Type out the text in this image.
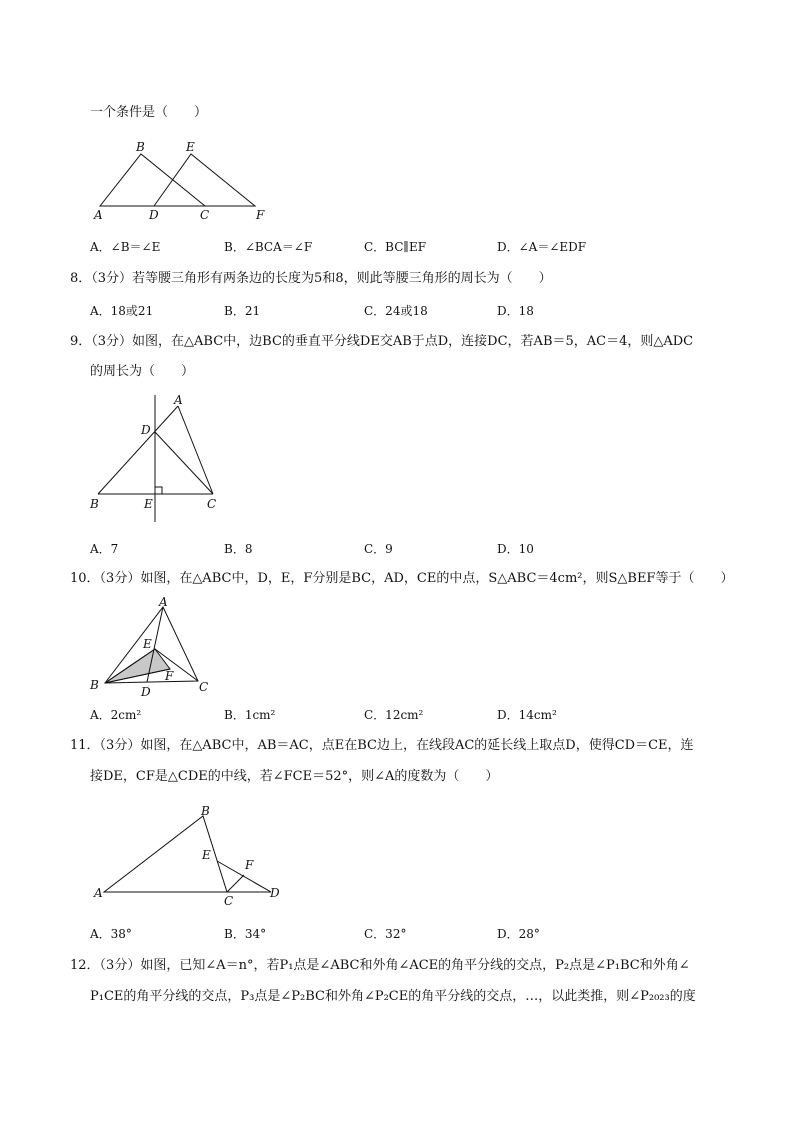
一个条件是（　　）
B	E
A	D	C	F
A．∠B＝∠E	B．∠BCA＝∠F	C．BC∥EF	D．∠A＝∠EDF
8．（3分）若等腰三角形有两条边的长度为5和8，则此等腰三角形的周长为（　　）
A．18或21	B．21	C．24或18	D．18
9．（3分）如图，在△ABC中，边BC的垂直平分线DE交AB于点D，连接DC，若AB＝5，AC＝4，则△ADC
的周长为（　　）
A
D
B	E	C
A．7	B．8	C．9	D．10
10．（3分）如图，在△ABC中，D，E，F分别是BC，AD，CE的中点，S△ABC＝4cm²，则S△BEF等于（　　）
A
E
F
B	D	C
A．2cm²	B．1cm²	C．12cm²	D．14cm²
11．（3分）如图，在△ABC中，AB＝AC，点E在BC边上，在线段AC的延长线上取点D，使得CD＝CE，连
接DE，CF是△CDE的中线，若∠FCE＝52°，则∠A的度数为（　　）
B
E
F
A
C
D
A．38°	B．34°	C．32°	D．28°
12．（3分）如图，已知∠A＝n°，若P₁点是∠ABC和外角∠ACE的角平分线的交点，P₂点是∠P₁BC和外角∠
P₁CE的角平分线的交点，P₃点是∠P₂BC和外角∠P₂CE的角平分线的交点，…，以此类推，则∠P₂₀₂₃的度
